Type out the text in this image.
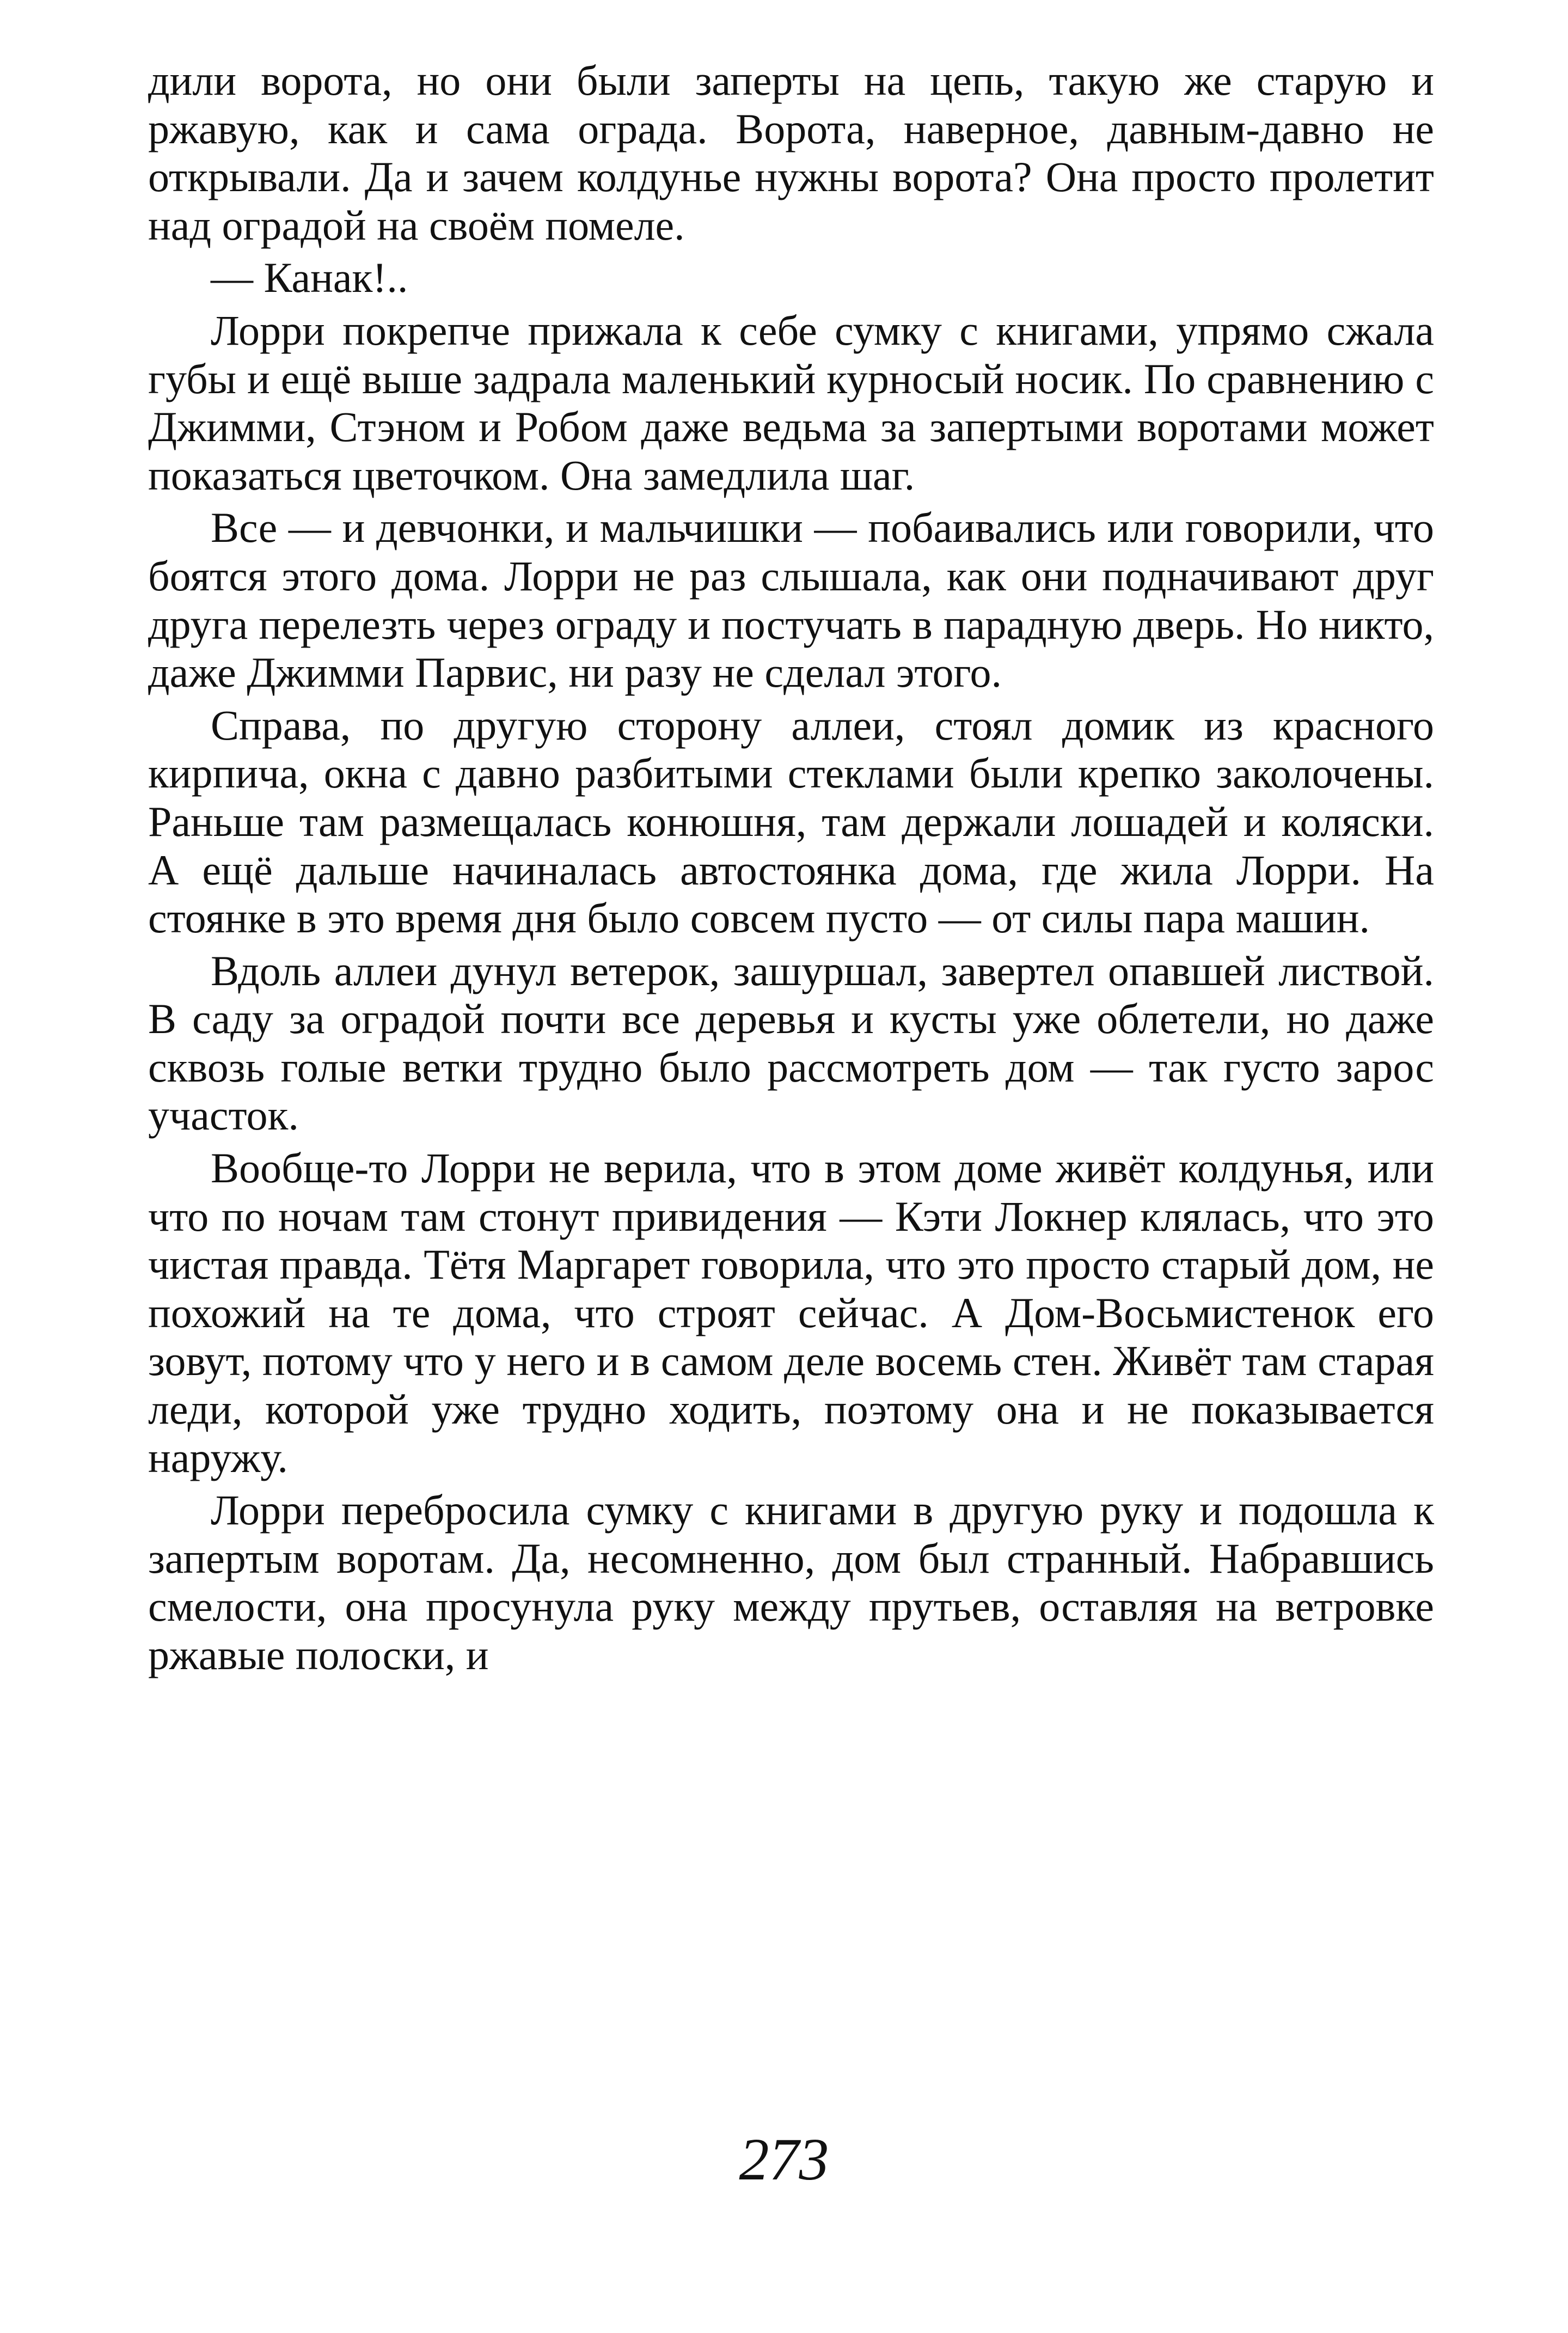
дили ворота, но они были заперты на цепь, такую же старую и ржавую, как и сама ограда. Ворота, наверное, давным-давно не открывали. Да и зачем колдунье нужны ворота? Она просто пролетит над оградой на своём помеле.

— Канак!..

Лорри покрепче прижала к себе сумку с книгами, упрямо сжала губы и ещё выше задрала маленький курносый носик. По сравнению с Джимми, Стэном и Робом даже ведьма за запертыми воротами может показаться цветочком. Она замедлила шаг.

Все — и девчонки, и мальчишки — побаивались или говорили, что боятся этого дома. Лорри не раз слышала, как они подначивают друг друга перелезть через ограду и постучать в парадную дверь. Но никто, даже Джимми Парвис, ни разу не сделал этого.

Справа, по другую сторону аллеи, стоял домик из красного кирпича, окна с давно разбитыми стеклами были крепко заколочены. Раньше там размещалась конюшня, там держали лошадей и коляски. А ещё дальше начиналась автостоянка дома, где жила Лорри. На стоянке в это время дня было совсем пусто — от силы пара машин.

Вдоль аллеи дунул ветерок, зашуршал, завертел опавшей листвой. В саду за оградой почти все деревья и кусты уже облетели, но даже сквозь голые ветки трудно было рассмотреть дом — так густо зарос участок.

Вообще-то Лорри не верила, что в этом доме живёт колдунья, или что по ночам там стонут привидения — Кэти Локнер клялась, что это чистая правда. Тётя Маргарет говорила, что это просто старый дом, не похожий на те дома, что строят сейчас. А Дом-Восьмистенок его зовут, потому что у него и в самом деле восемь стен. Живёт там старая леди, которой уже трудно ходить, поэтому она и не показывается наружу.

Лорри перебросила сумку с книгами в другую руку и подошла к запертым воротам. Да, несомненно, дом был странный. Набравшись смелости, она просунула руку между прутьев, оставляя на ветровке ржавые полоски, и

273
